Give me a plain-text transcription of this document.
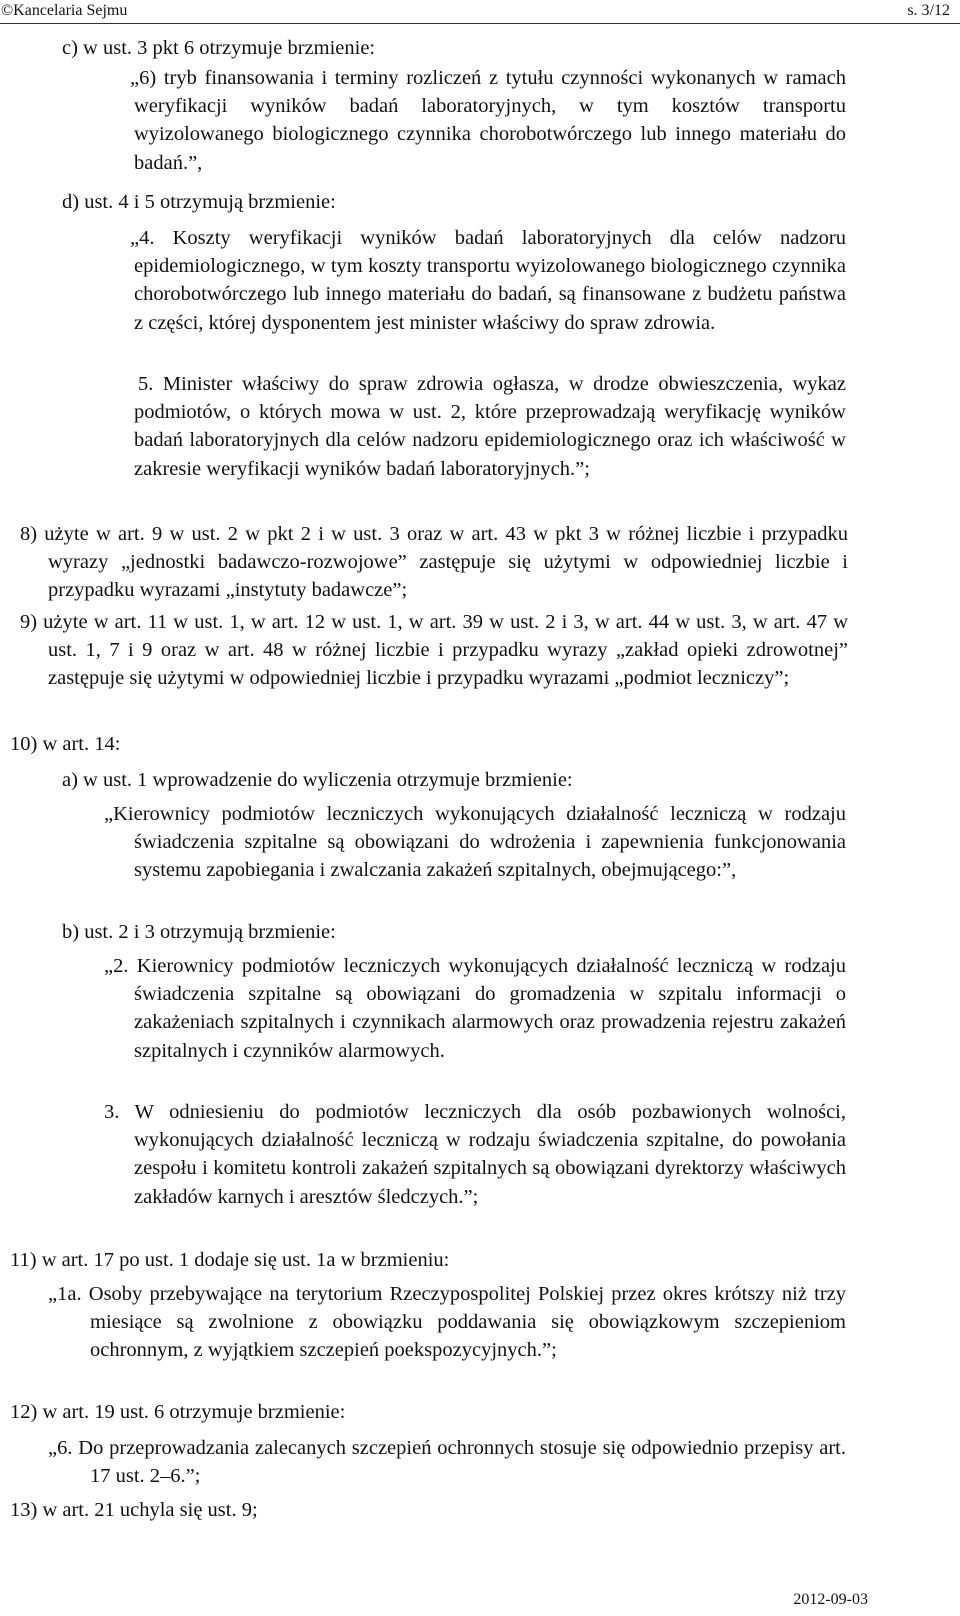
©Kancelaria Sejmu	s. 3/12

c) w ust. 3 pkt 6 otrzymuje brzmienie:

„6) tryb finansowania i terminy rozliczeń z tytułu czynności wykonanych w ramach weryfikacji wyników badań laboratoryjnych, w tym kosztów transportu wyizolowanego biologicznego czynnika chorobotwórczego lub innego materiału do badań.”,

d) ust. 4 i 5 otrzymują brzmienie:

„4. Koszty weryfikacji wyników badań laboratoryjnych dla celów nadzoru epidemiologicznego, w tym koszty transportu wyizolowanego biologicznego czynnika chorobotwórczego lub innego materiału do badań, są finansowane z budżetu państwa z części, której dysponentem jest minister właściwy do spraw zdrowia.

5. Minister właściwy do spraw zdrowia ogłasza, w drodze obwieszczenia, wykaz podmiotów, o których mowa w ust. 2, które przeprowadzają weryfikację wyników badań laboratoryjnych dla celów nadzoru epidemiologicznego oraz ich właściwość w zakresie weryfikacji wyników badań laboratoryjnych.”;

8) użyte w art. 9 w ust. 2 w pkt 2 i w ust. 3 oraz w art. 43 w pkt 3 w różnej liczbie i przypadku wyrazy „jednostki badawczo-rozwojowe” zastępuje się użytymi w odpowiedniej liczbie i przypadku wyrazami „instytuty badawcze”;

9) użyte w art. 11 w ust. 1, w art. 12 w ust. 1, w art. 39 w ust. 2 i 3, w art. 44 w ust. 3, w art. 47 w ust. 1, 7 i 9 oraz w art. 48 w różnej liczbie i przypadku wyrazy „zakład opieki zdrowotnej” zastępuje się użytymi w odpowiedniej liczbie i przypadku wyrazami „podmiot leczniczy”;

10) w art. 14:

a) w ust. 1 wprowadzenie do wyliczenia otrzymuje brzmienie:

„Kierownicy podmiotów leczniczych wykonujących działalność leczniczą w rodzaju świadczenia szpitalne są obowiązani do wdrożenia i zapewnienia funkcjonowania systemu zapobiegania i zwalczania zakażeń szpitalnych, obejmującego:”,

b) ust. 2 i 3 otrzymują brzmienie:

„2. Kierownicy podmiotów leczniczych wykonujących działalność leczniczą w rodzaju świadczenia szpitalne są obowiązani do gromadzenia w szpitalu informacji o zakażeniach szpitalnych i czynnikach alarmowych oraz prowadzenia rejestru zakażeń szpitalnych i czynników alarmowych.

3. W odniesieniu do podmiotów leczniczych dla osób pozbawionych wolności, wykonujących działalność leczniczą w rodzaju świadczenia szpitalne, do powołania zespołu i komitetu kontroli zakażeń szpitalnych są obowiązani dyrektorzy właściwych zakładów karnych i aresztów śledczych.”;

11) w art. 17 po ust. 1 dodaje się ust. 1a w brzmieniu:

„1a. Osoby przebywające na terytorium Rzeczypospolitej Polskiej przez okres krótszy niż trzy miesiące są zwolnione z obowiązku poddawania się obowiązkowym szczepieniom ochronnym, z wyjątkiem szczepień poekspozycyjnych.”;

12) w art. 19 ust. 6 otrzymuje brzmienie:

„6. Do przeprowadzania zalecanych szczepień ochronnych stosuje się odpowiednio przepisy art. 17 ust. 2–6.”;

13) w art. 21 uchyla się ust. 9;

2012-09-03
